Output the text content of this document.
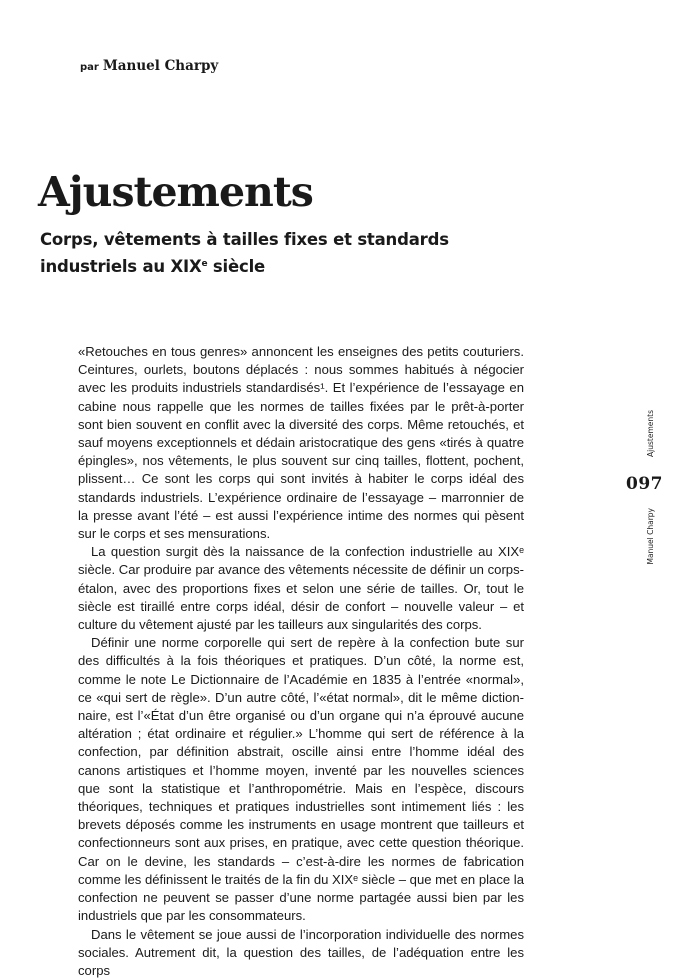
par Manuel Charpy
Ajustements
Corps, vêtements à tailles fixes et standards industriels au XIXe siècle

«Retouches en tous genres» annoncent les enseignes des petits couturiers. Ceintures, ourlets, boutons déplacés : nous sommes habitués à négocier avec les produits industriels standardisés¹. Et l’expérience de l’essayage en cabine nous rappelle que les normes de tailles fixées par le prêt-à-porter sont bien souvent en conflit avec la diversité des corps. Même retouchés, et sauf moyens exceptionnels et dédain aristocratique des gens «tirés à quatre épingles», nos vêtements, le plus souvent sur cinq tailles, flottent, pochent, plissent… Ce sont les corps qui sont invités à habiter le corps idéal des standards industriels. L’expérience ordinaire de l’essayage – marronnier de la presse avant l’été – est aussi l’expérience intime des normes qui pèsent sur le corps et ses mensurations.

La question surgit dès la naissance de la confection industrielle au XIXᵉ siècle. Car produire par avance des vêtements nécessite de définir un corps-étalon, avec des proportions fixes et selon une série de tailles. Or, tout le siècle est tiraillé entre corps idéal, désir de confort – nouvelle valeur – et culture du vêtement ajusté par les tailleurs aux singularités des corps.

Définir une norme corporelle qui sert de repère à la confection bute sur des difficultés à la fois théoriques et pratiques. D’un côté, la norme est, comme le note Le Dictionnaire de l’Académie en 1835 à l’entrée «normal», ce «qui sert de règle». D’un autre côté, l’«état normal», dit le même dictionnaire, est l’«État d’un être organisé ou d’un organe qui n’a éprouvé aucune altération ; état ordinaire et régulier.» L’homme qui sert de référence à la confection, par définition abstrait, oscille ainsi entre l’homme idéal des canons artistiques et l’homme moyen, inventé par les nouvelles sciences que sont la statistique et l’anthropométrie. Mais en l’espèce, discours théoriques, techniques et pratiques industrielles sont intimement liés : les brevets déposés comme les instruments en usage montrent que tailleurs et confectionneurs sont aux prises, en pratique, avec cette question théorique. Car on le devine, les standards – c’est-à-dire les normes de fabrication comme les définissent le traités de la fin du XIXᵉ siècle – que met en place la confection ne peuvent se passer d’une norme partagée aussi bien par les industriels que par les consommateurs.

Dans le vêtement se joue aussi de l’incorporation individuelle des normes sociales. Autrement dit, la question des tailles, de l’adéquation entre les corps

Ajustements
097
Manuel Charpy
